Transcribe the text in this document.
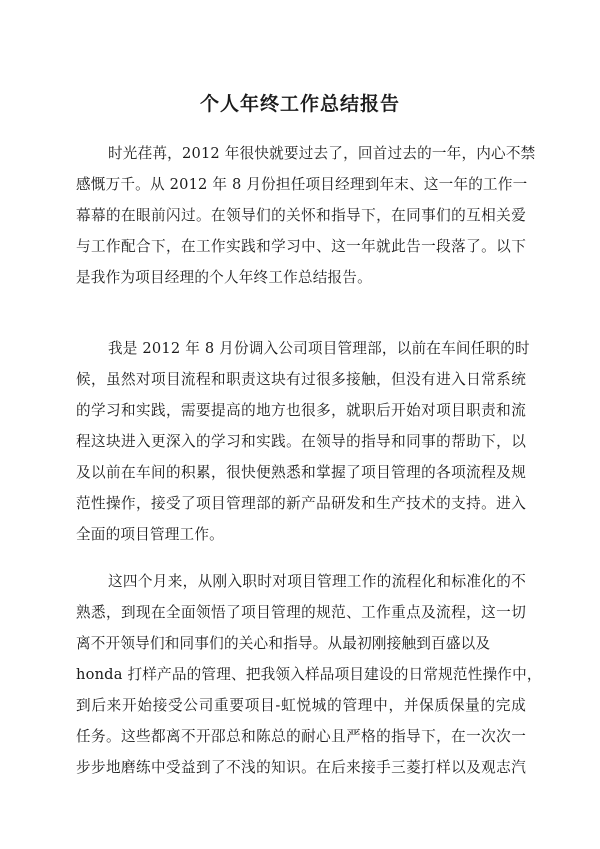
个人年终工作总结报告
时光荏苒，2012 年很快就要过去了，回首过去的一年，内心不禁
感慨万千。从 2012 年 8 月份担任项目经理到年末、这一年的工作一
幕幕的在眼前闪过。在领导们的关怀和指导下，在同事们的互相关爱
与工作配合下，在工作实践和学习中、这一年就此告一段落了。以下
是我作为项目经理的个人年终工作总结报告。
我是 2012 年 8 月份调入公司项目管理部，以前在车间任职的时
候，虽然对项目流程和职责这块有过很多接触，但没有进入日常系统
的学习和实践，需要提高的地方也很多，就职后开始对项目职责和流
程这块进入更深入的学习和实践。在领导的指导和同事的帮助下，以
及以前在车间的积累，很快便熟悉和掌握了项目管理的各项流程及规
范性操作，接受了项目管理部的新产品研发和生产技术的支持。进入
全面的项目管理工作。
这四个月来，从刚入职时对项目管理工作的流程化和标准化的不
熟悉，到现在全面领悟了项目管理的规范、工作重点及流程，这一切
离不开领导们和同事们的关心和指导。从最初刚接触到百盛以及
honda 打样产品的管理、把我领入样品项目建设的日常规范性操作中，
到后来开始接受公司重要项目-虹悦城的管理中，并保质保量的完成
任务。这些都离不开邵总和陈总的耐心且严格的指导下，在一次次一
步步地磨练中受益到了不浅的知识。在后来接手三菱打样以及观志汽
